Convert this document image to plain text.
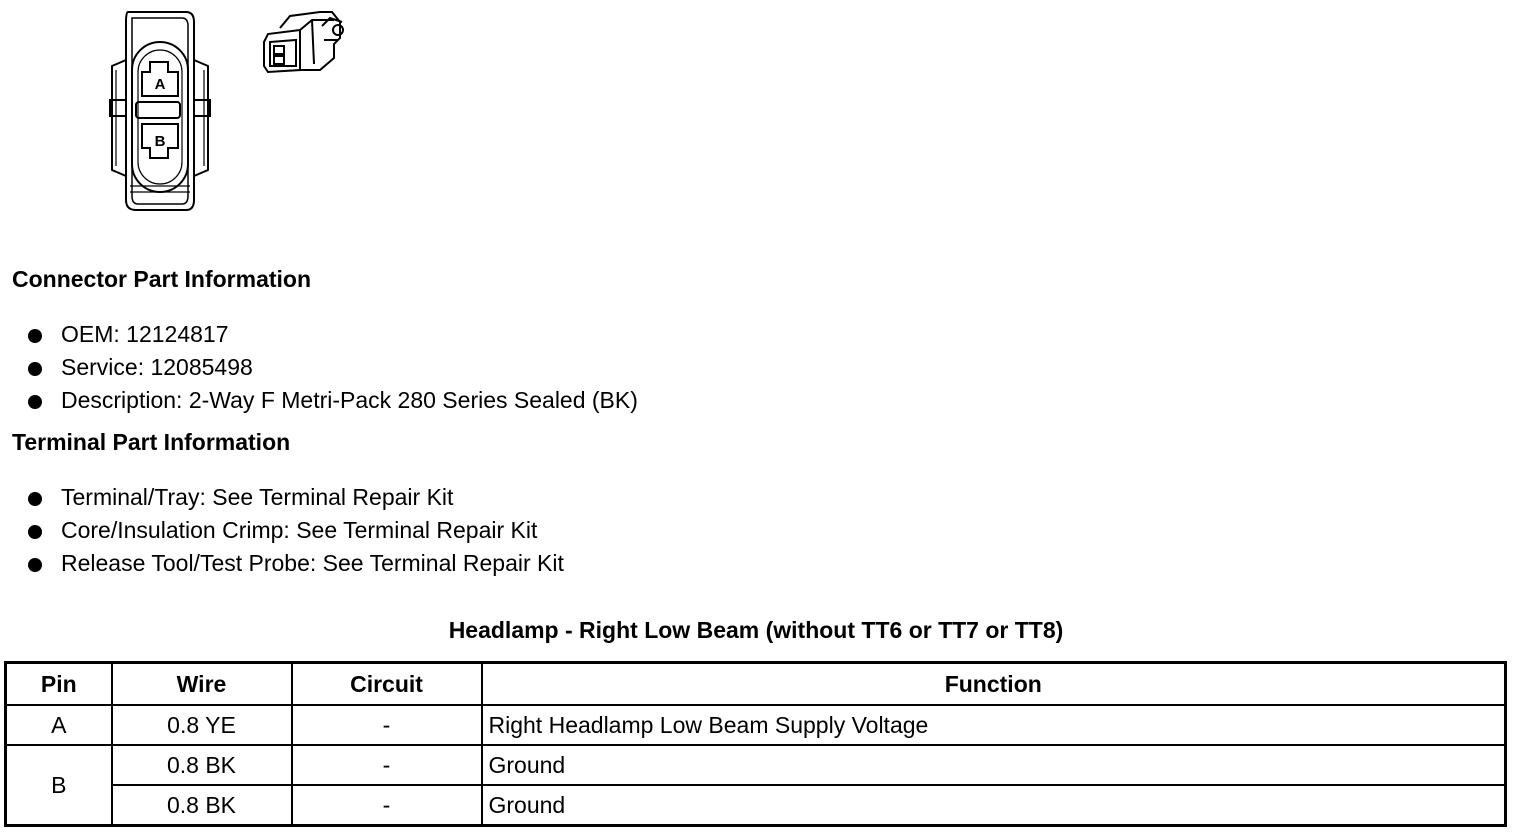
A
B
Connector Part Information
OEM: 12124817
Service: 12085498
Description: 2-Way F Metri-Pack 280 Series Sealed (BK)
Terminal Part Information
Terminal/Tray: See Terminal Repair Kit
Core/Insulation Crimp: See Terminal Repair Kit
Release Tool/Test Probe: See Terminal Repair Kit
Headlamp - Right Low Beam (without TT6 or TT7 or TT8)
Pin	Wire	Circuit	Function
A	0.8 YE	-	Right Headlamp Low Beam Supply Voltage
B	0.8 BK	-	Ground
	0.8 BK	-	Ground
